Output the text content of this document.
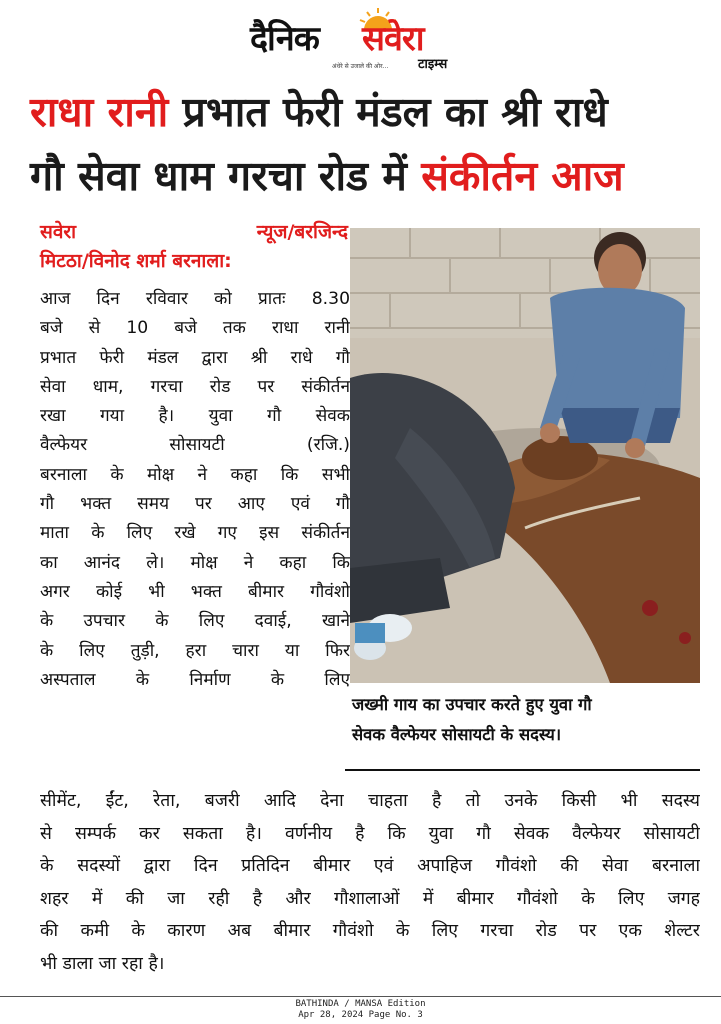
दैनिक सवेरा
टाइम्स
अंधेरे से उजाले की ओर...
राधा रानी प्रभात फेरी मंडल का श्री राधे
गौ सेवा धाम गरचा रोड में संकीर्तन आज
सवेरा	न्यूज/बरजिन्द
मिटठा/विनोद शर्मा बरनाला:
आज दिन रविवार को प्रातः 8.30
बजे से 10 बजे तक राधा रानी
प्रभात फेरी मंडल द्वारा श्री राधे गौ
सेवा धाम, गरचा रोड पर संकीर्तन
रखा गया है। युवा गौ सेवक
वैल्फेयर सोसायटी (रजि.)
बरनाला के मोक्ष ने कहा कि सभी
गौ भक्त समय पर आए एवं गौ
माता के लिए रखे गए इस संकीर्तन
का आनंद ले। मोक्ष ने कहा कि
अगर कोई भी भक्त बीमार गौवंशो
के उपचार के लिए दवाई, खाने
के लिए तुड़ी, हरा चारा या फिर
अस्पताल के निर्माण के लिए
जख्मी गाय का उपचार करते हुए युवा गौ
सेवक वैल्फेयर सोसायटी के सदस्य।
सीमेंट, ईंट, रेता, बजरी आदि देना चाहता है तो उनके किसी भी सदस्य
से सम्पर्क कर सकता है। वर्णनीय है कि युवा गौ सेवक वैल्फेयर सोसायटी
के सदस्यों द्वारा दिन प्रतिदिन बीमार एवं अपाहिज गौवंशो की सेवा बरनाला
शहर में की जा रही है और गौशालाओं में बीमार गौवंशो के लिए जगह
की कमी के कारण अब बीमार गौवंशो के लिए गरचा रोड पर एक शेल्टर
भी डाला जा रहा है।
BATHINDA / MANSA Edition
Apr 28, 2024 Page No. 3
